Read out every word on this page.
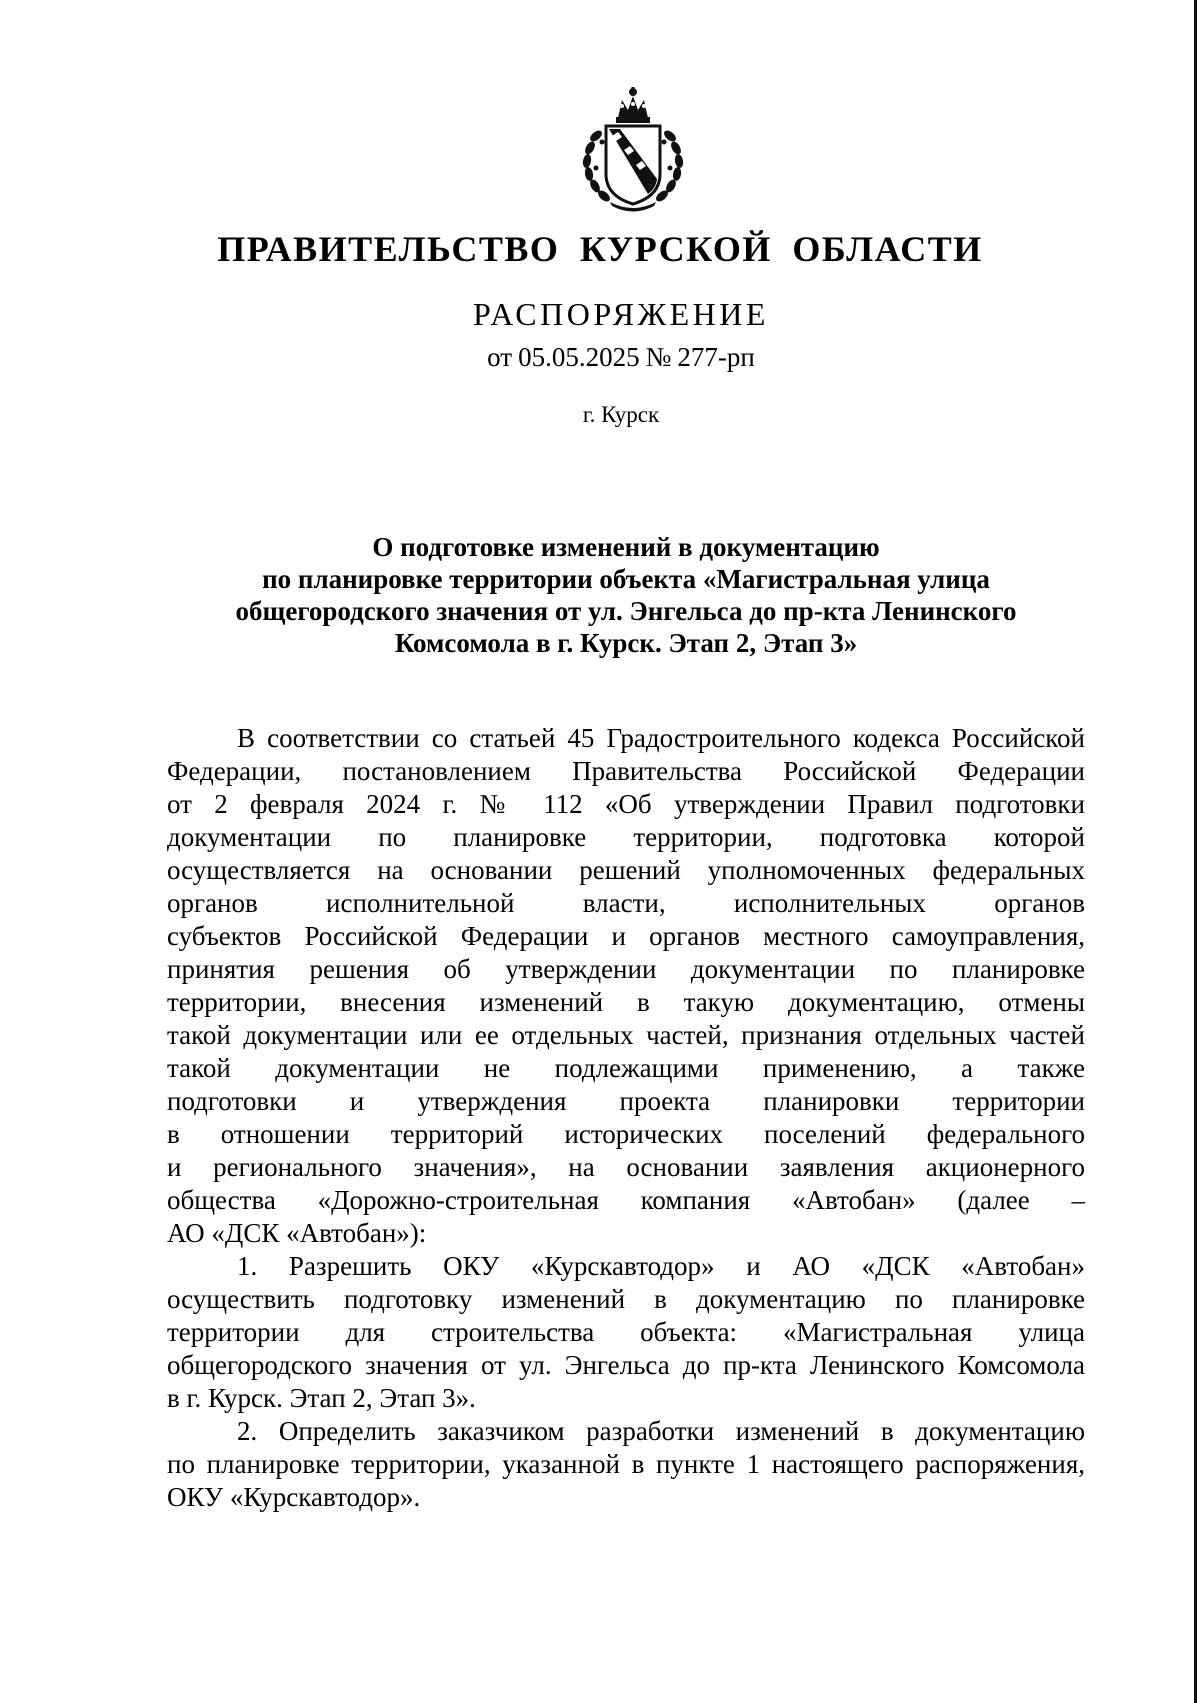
ПРАВИТЕЛЬСТВО КУРСКОЙ ОБЛАСТИ
РАСПОРЯЖЕНИЕ
от 05.05.2025 № 277-рп
г. Курск
О подготовке изменений в документацию
по планировке территории объекта «Магистральная улица
общегородского значения от ул. Энгельса до пр-кта Ленинского
Комсомола в г. Курск. Этап 2, Этап 3»
В соответствии со статьей 45 Градостроительного кодекса Российской
Федерации, постановлением Правительства Российской Федерации
от 2 февраля 2024 г. № 112 «Об утверждении Правил подготовки
документации по планировке территории, подготовка которой
осуществляется на основании решений уполномоченных федеральных
органов исполнительной власти, исполнительных органов
субъектов Российской Федерации и органов местного самоуправления,
принятия решения об утверждении документации по планировке
территории, внесения изменений в такую документацию, отмены
такой документации или ее отдельных частей, признания отдельных частей
такой документации не подлежащими применению, а также
подготовки и утверждения проекта планировки территории
в отношении территорий исторических поселений федерального
и регионального значения», на основании заявления акционерного
общества «Дорожно-строительная компания «Автобан» (далее –
АО «ДСК «Автобан»):
1. Разрешить ОКУ «Курскавтодор» и АО «ДСК «Автобан»
осуществить подготовку изменений в документацию по планировке
территории для строительства объекта: «Магистральная улица
общегородского значения от ул. Энгельса до пр-кта Ленинского Комсомола
в г. Курск. Этап 2, Этап 3».
2. Определить заказчиком разработки изменений в документацию
по планировке территории, указанной в пункте 1 настоящего распоряжения,
ОКУ «Курскавтодор».
